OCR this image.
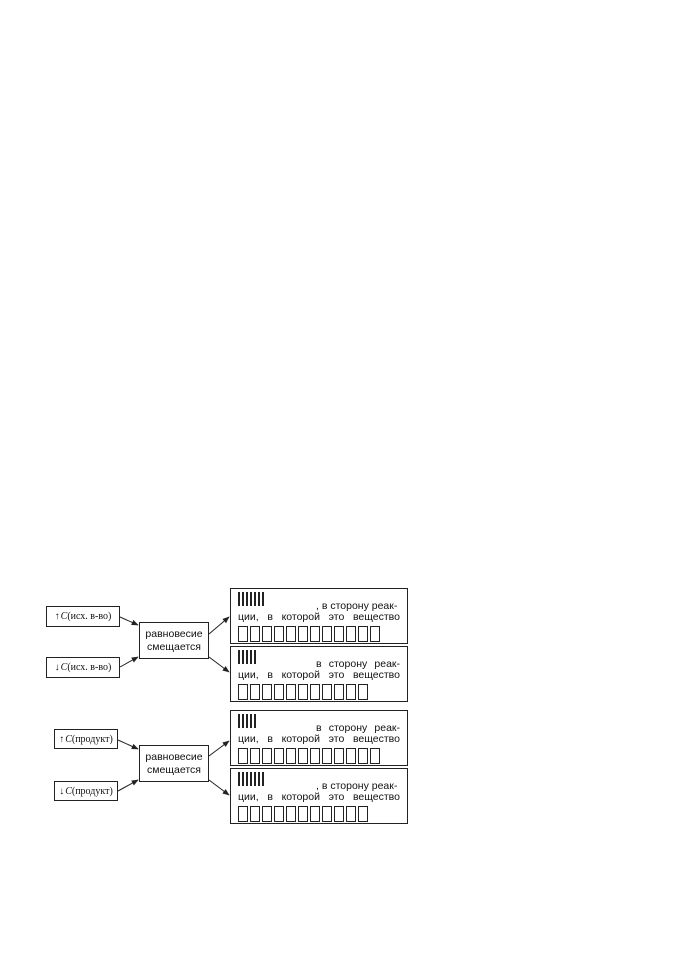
↑ C (исх. в-во)
↓ C (исх. в-во)
равновесие
смещается
, в сторону реак-
ции, в которой это вещество
в сторону реак-
ции, в которой это вещество
↑ C (продукт)
↓ C (продукт)
равновесие
смещается
в сторону реак-
ции, в которой это вещество
, в сторону реак-
ции, в которой это вещество
